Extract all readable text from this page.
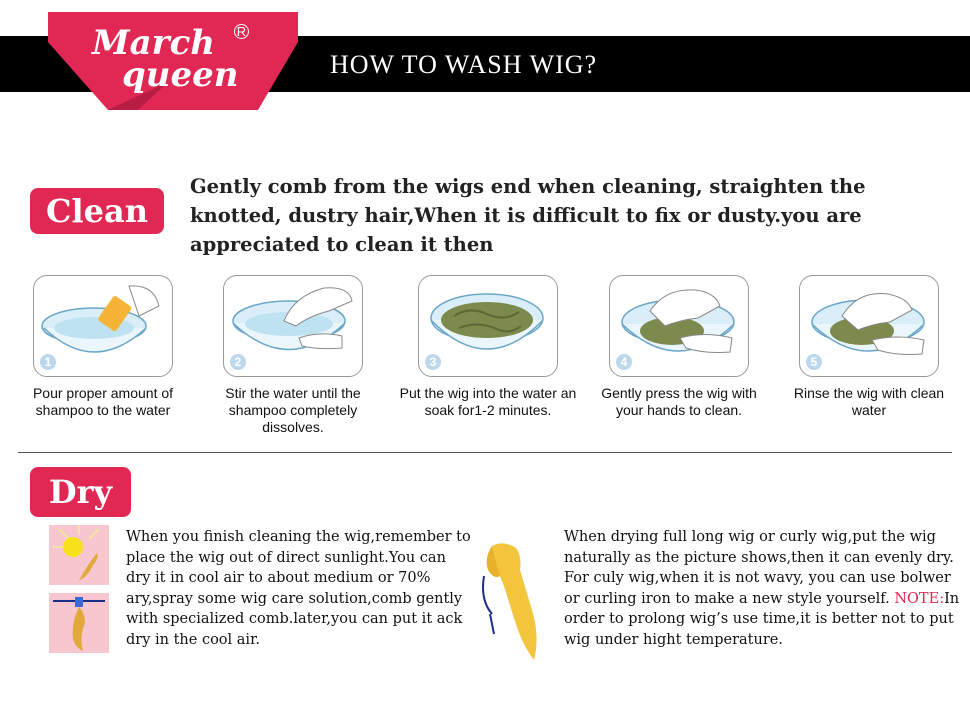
HOW TO WASH WIG?
March
queen
R
Clean
Gently comb from the wigs end when cleaning, straighten the knotted, dustry hair,When it is difficult to fix or dusty.you are appreciated to clean it then
1
Pour proper amount of shampoo to the water
2
Stir the water until the shampoo completely dissolves.
3
Put the wig into the water an soak for1-2 minutes.
4
Gently press the wig with your hands to clean.
5
Rinse the wig with clean water
Dry
When you finish cleaning the wig,remember to place the wig out of direct sunlight.You can dry it in cool air to about medium or 70% ary,spray some wig care solution,comb gently with specialized comb.later,you can put it ack dry in the cool air.
When drying full long wig or curly wig,put the wig naturally as the picture shows,then it can evenly dry. For culy wig,when it is not wavy, you can use bolwer or curling iron to make a new style yourself. NOTE:In order to prolong wig’s use time,it is better not to put wig under hight temperature.
